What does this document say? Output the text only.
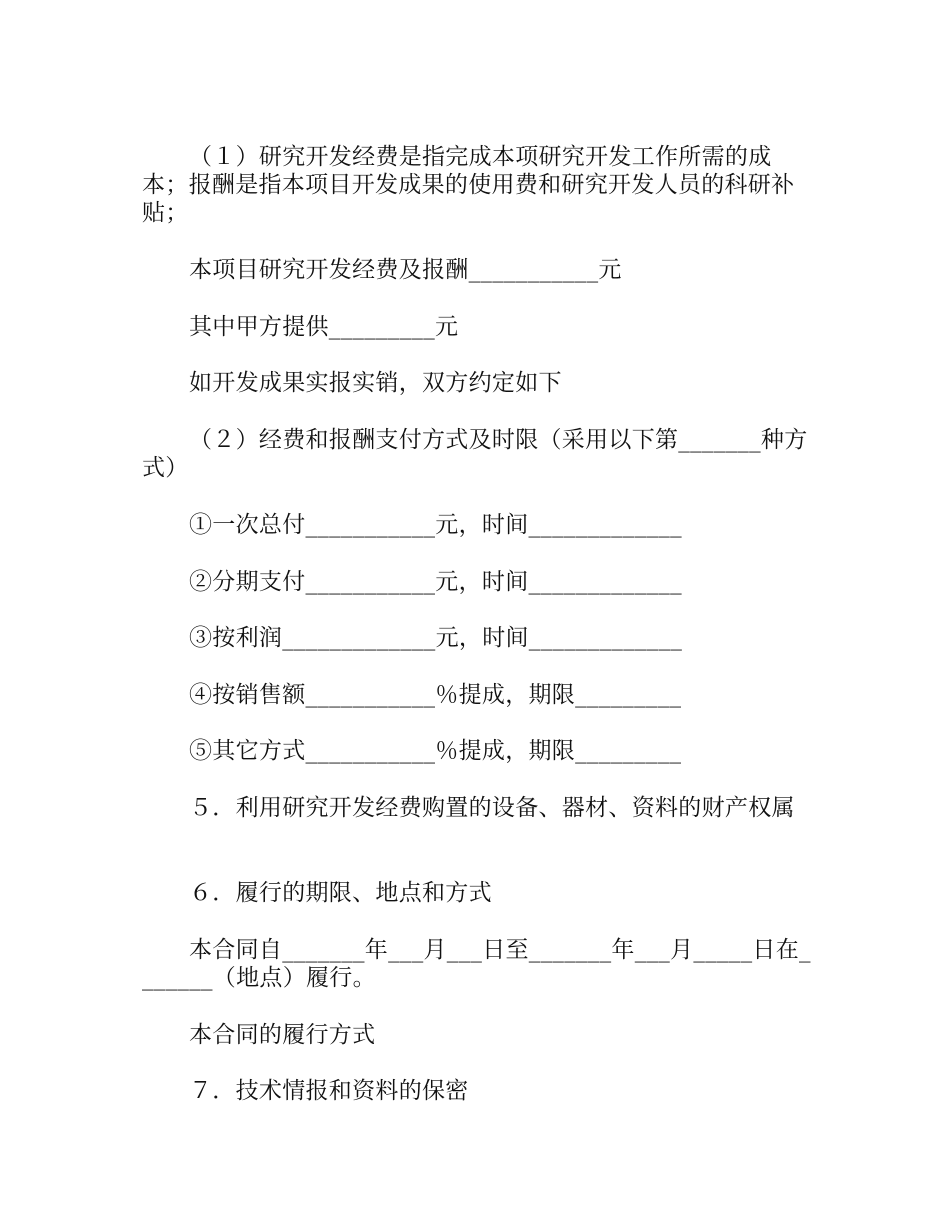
（１）研究开发经费是指完成本项研究开发工作所需的成本；报酬是指本项目开发成果的使用费和研究开发人员的科研补贴；

本项目研究开发经费及报酬___________元

其中甲方提供_________元

如开发成果实报实销，双方约定如下

（２）经费和报酬支付方式及时限（采用以下第_______种方式）

①一次总付___________元，时间_____________

②分期支付___________元，时间_____________

③按利润_____________元，时间_____________

④按销售额___________％提成，期限_________

⑤其它方式___________％提成，期限_________

５．利用研究开发经费购置的设备、器材、资料的财产权属

６．履行的期限、地点和方式

本合同自_______年___月___日至_______年___月_____日在_______（地点）履行。

本合同的履行方式

７．技术情报和资料的保密
